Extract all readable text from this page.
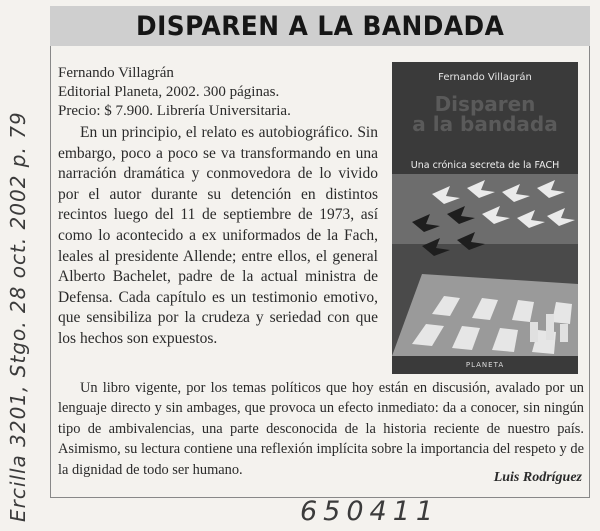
DISPAREN A LA BANDADA
Fernando Villagrán
Editorial Planeta, 2002. 300 páginas.
Precio: $ 7.900. Librería Universitaria.

En un principio, el relato es autobiográfico. Sin embargo, poco a poco se va transformando en una narración dramática y conmovedora de lo vivido por el autor durante su detención en distintos recintos luego del 11 de septiembre de 1973, así como lo acontecido a ex uniformados de la Fach, leales al presidente Allende; entre ellos, el general Alberto Bachelet, padre de la actual ministra de Defensa. Cada capítulo es un testimonio emotivo, que sensibiliza por la crudeza y seriedad con que los hechos son expuestos.

Fernando Villagrán
Disparen
a la bandada
Una crónica secreta de la FACH
PLANETA

Un libro vigente, por los temas políticos que hoy están en discusión, avalado por un lenguaje directo y sin ambages, que provoca un efecto inmediato: da a conocer, sin ningún tipo de ambivalencias, una parte desconocida de la historia reciente de nuestro país. Asimismo, su lectura contiene una reflexión implícita sobre la importancia del respeto y de la dignidad de todo ser humano.	Luis Rodríguez
Ercilla 3201, Stgo. 28 oct. 2002 p. 79	650411
